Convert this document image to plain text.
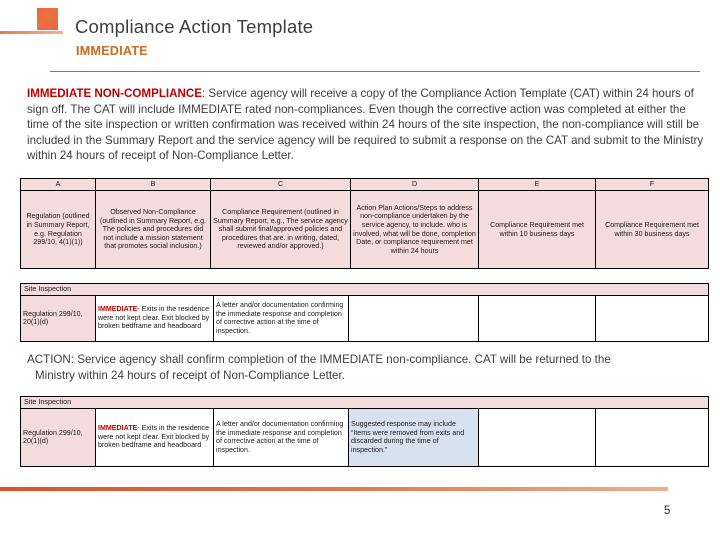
Compliance Action Template
IMMEDIATE
IMMEDIATE NON-COMPLIANCE: Service agency will receive a copy of the Compliance Action Template (CAT) within 24 hours of sign off. The CAT will include IMMEDIATE rated non-compliances. Even though the corrective action was completed at either the time of the site inspection or written confirmation was received within 24 hours of the site inspection, the non-compliance will still be included in the Summary Report and the service agency will be required to submit a response on the CAT and submit to the Ministry within 24 hours of receipt of Non-Compliance Letter.
A	B	C	D	E	F
Regulation (outlined in Summary Report, e.g. Regulation 299/10, 4(1)(1))	Observed Non-Compliance (outlined in Summary Report, e.g. The policies and procedures did not include a mission statement that promotes social inclusion.)	Compliance Requirement (outlined in Summary Report, e.g., The service agency shall submit final/approved policies and procedures that are. in writing, dated, reviewed and/or approved.)	Action Plan Actions/Steps to address non-compliance undertaken by the service agency, to include. who is involved, what will be done, completion Date, or compliance requirement met within 24 hours	Compliance Requirement met within 10 business days	Compliance Requirement met within 30 business days
Site Inspection
Regulation 299/10, 20(1)(d)	IMMEDIATE- Exits in the residence were not kept clear. Exit blocked by broken bedframe and headboard	A letter and/or documentation confirming the immediate response and completion of corrective action at the time of inspection.			
ACTION: Service agency shall confirm completion of the IMMEDIATE non-compliance. CAT will be returned to the
Ministry within 24 hours of receipt of Non-Compliance Letter.
Site Inspection
Regulation 299/10, 20(1)(d)	IMMEDIATE- Exits in the residence were not kept clear. Exit blocked by broken bedframe and headboard	A letter and/or documentation confirming the immediate response and completion of corrective action at the time of inspection.	Suggested response may include “Items were removed from exits and discarded during the time of inspection.”		
5
